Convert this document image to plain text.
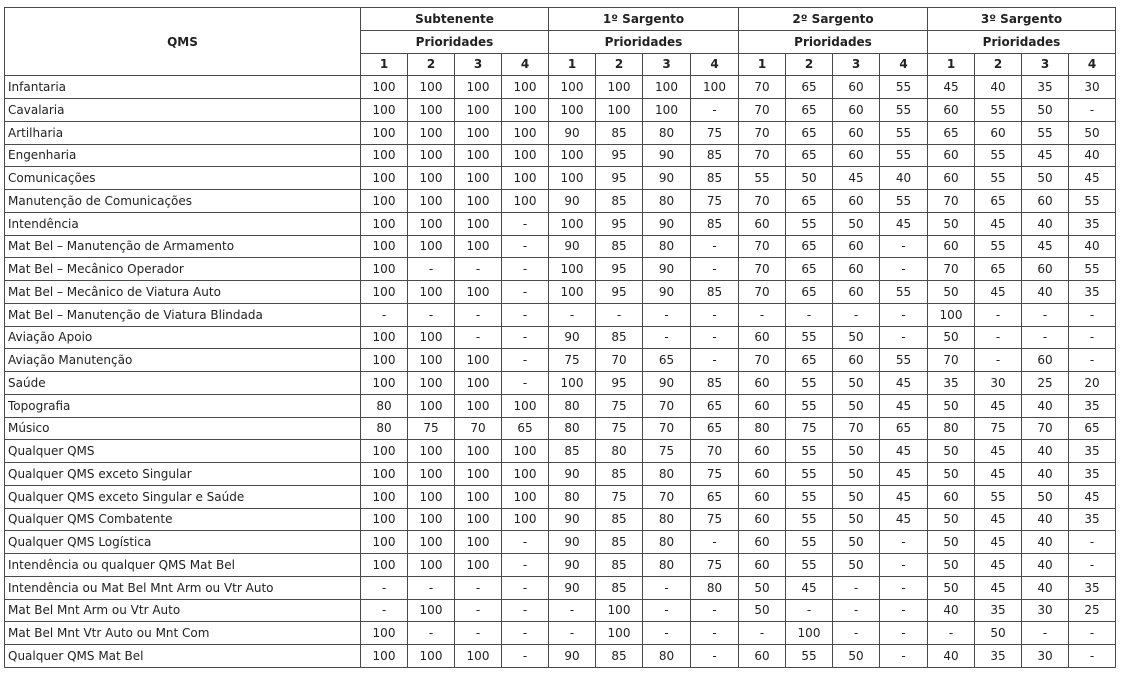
QMS	Subtenente				1º Sargento				2º Sargento				3º Sargento			
	Prioridades				Prioridades				Prioridades				Prioridades			
	1	2	3	4	1	2	3	4	1	2	3	4	1	2	3	4
Infantaria	100	100	100	100	100	100	100	100	70	65	60	55	45	40	35	30
Cavalaria	100	100	100	100	100	100	100	-	70	65	60	55	60	55	50	-
Artilharia	100	100	100	100	90	85	80	75	70	65	60	55	65	60	55	50
Engenharia	100	100	100	100	100	95	90	85	70	65	60	55	60	55	45	40
Comunicações	100	100	100	100	100	95	90	85	55	50	45	40	60	55	50	45
Manutenção de Comunicações	100	100	100	100	90	85	80	75	70	65	60	55	70	65	60	55
Intendência	100	100	100	-	100	95	90	85	60	55	50	45	50	45	40	35
Mat Bel – Manutenção de Armamento	100	100	100	-	90	85	80	-	70	65	60	-	60	55	45	40
Mat Bel – Mecânico Operador	100	-	-	-	100	95	90	-	70	65	60	-	70	65	60	55
Mat Bel – Mecânico de Viatura Auto	100	100	100	-	100	95	90	85	70	65	60	55	50	45	40	35
Mat Bel – Manutenção de Viatura Blindada	-	-	-	-	-	-	-	-	-	-	-	-	100	-	-	-
Aviação Apoio	100	100	-	-	90	85	-	-	60	55	50	-	50	-	-	-
Aviação Manutenção	100	100	100	-	75	70	65	-	70	65	60	55	70	-	60	-
Saúde	100	100	100	-	100	95	90	85	60	55	50	45	35	30	25	20
Topografia	80	100	100	100	80	75	70	65	60	55	50	45	50	45	40	35
Músico	80	75	70	65	80	75	70	65	80	75	70	65	80	75	70	65
Qualquer QMS	100	100	100	100	85	80	75	70	60	55	50	45	50	45	40	35
Qualquer QMS exceto Singular	100	100	100	100	90	85	80	75	60	55	50	45	50	45	40	35
Qualquer QMS exceto Singular e Saúde	100	100	100	100	80	75	70	65	60	55	50	45	60	55	50	45
Qualquer QMS Combatente	100	100	100	100	90	85	80	75	60	55	50	45	50	45	40	35
Qualquer QMS Logística	100	100	100	-	90	85	80	-	60	55	50	-	50	45	40	-
Intendência ou qualquer QMS Mat Bel	100	100	100	-	90	85	80	75	60	55	50	-	50	45	40	-
Intendência ou Mat Bel Mnt Arm ou Vtr Auto	-	-	-	-	90	85	-	80	50	45	-	-	50	45	40	35
Mat Bel Mnt Arm ou Vtr Auto	-	100	-	-	-	100	-	-	50	-	-	-	40	35	30	25
Mat Bel Mnt Vtr Auto ou Mnt Com	100	-	-	-	-	100	-	-	-	100	-	-	-	50	-	-
Qualquer QMS Mat Bel	100	100	100	-	90	85	80	-	60	55	50	-	40	35	30	-
